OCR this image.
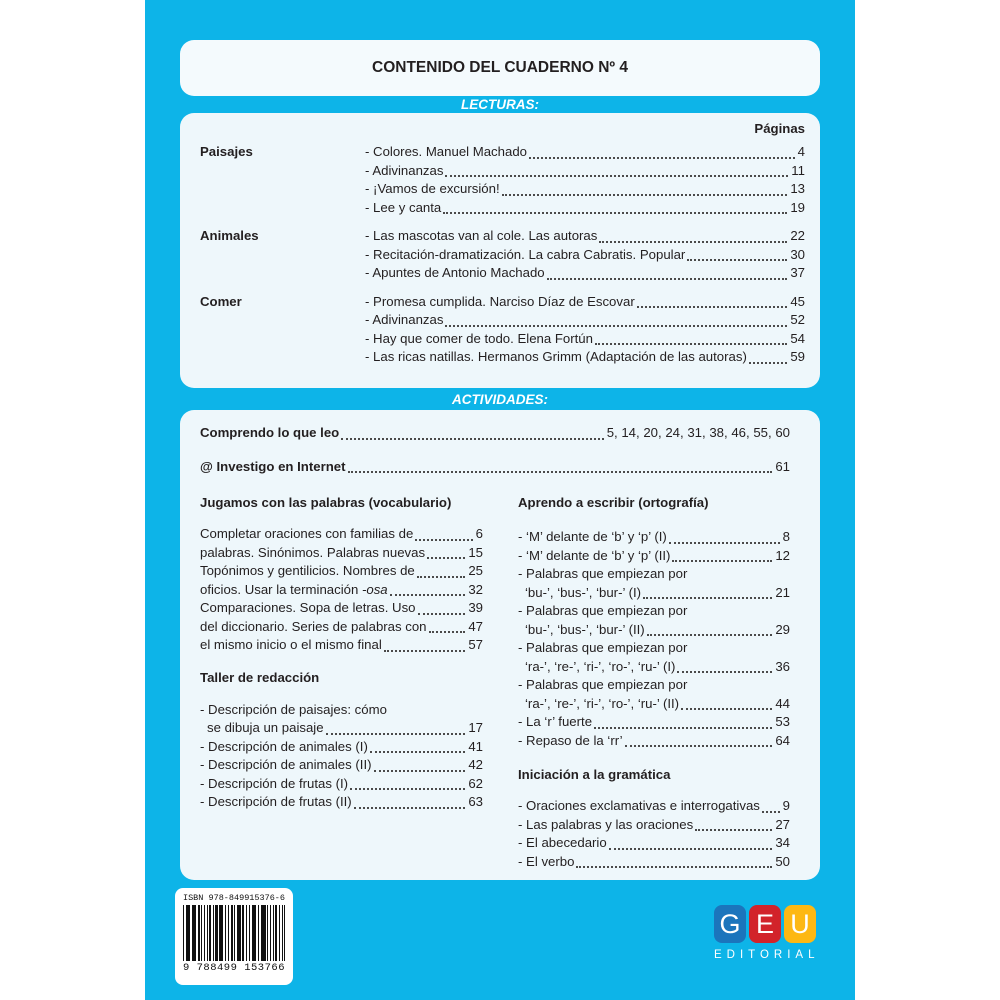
CONTENIDO DEL CUADERNO Nº 4
LECTURAS:
Páginas
Paisajes	- Colores. Manuel Machado	4
- Adivinanzas	11
- ¡Vamos de excursión!	13
- Lee y canta	19
Animales	- Las mascotas van al cole. Las autoras	22
- Recitación-dramatización. La cabra Cabratis. Popular	30
- Apuntes de Antonio Machado	37
Comer	- Promesa cumplida. Narciso Díaz de Escovar	45
- Adivinanzas	52
- Hay que comer de todo. Elena Fortún	54
- Las ricas natillas. Hermanos Grimm (Adaptación de las autoras)	59
ACTIVIDADES:
Comprendo lo que leo	5, 14, 20, 24, 31, 38, 46, 55, 60
@ Investigo en Internet	61
Jugamos con las palabras (vocabulario)
Completar oraciones con familias de	6
palabras. Sinónimos. Palabras nuevas	15
Topónimos y gentilicios. Nombres de	25
oficios. Usar la terminación -osa	32
Comparaciones. Sopa de letras. Uso	39
del diccionario. Series de palabras con	47
el mismo inicio o el mismo final	57
Taller de redacción
- Descripción de paisajes: cómo
se dibuja un paisaje	17
- Descripción de animales (I)	41
- Descripción de animales (II)	42
- Descripción de frutas (I)	62
- Descripción de frutas (II)	63
Aprendo a escribir (ortografía)
- ‘M’ delante de ‘b’ y ‘p’ (I)	8
- ‘M’ delante de ‘b’ y ‘p’ (II)	12
- Palabras que empiezan por
‘bu-’, ‘bus-’, ‘bur-’ (I)	21
- Palabras que empiezan por
‘bu-’, ‘bus-’, ‘bur-’ (II)	29
- Palabras que empiezan por
‘ra-’, ‘re-’, ‘ri-’, ‘ro-’, ‘ru-’ (I)	36
- Palabras que empiezan por
‘ra-’, ‘re-’, ‘ri-’, ‘ro-’, ‘ru-’ (II)	44
- La ‘r’ fuerte	53
- Repaso de la ‘rr’	64
Iniciación a la gramática
- Oraciones exclamativas e interrogativas 9
- Las palabras y las oraciones	27
- El abecedario	34
- El verbo	50
ISBN 978-849915376-6
9 788499 153766
G E U
EDITORIAL
